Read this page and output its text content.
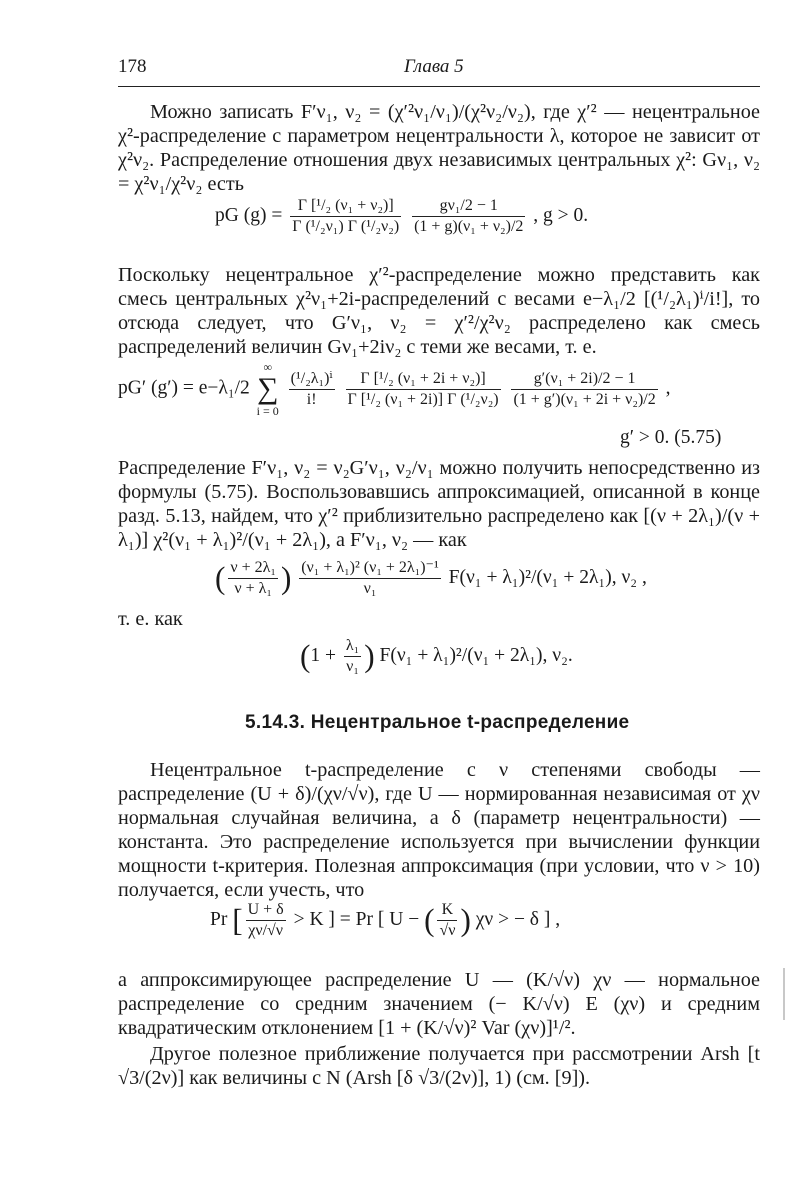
178	Глава 5

Можно записать F′ν₁, ν₂ = (χ′²ν₁/ν₁)/(χ²ν₂/ν₂), где χ′² — нецентральное χ²-распределение с параметром нецентральности λ, которое не зависит от χ²ν₂. Распределение отношения двух независимых центральных χ²: Gν₁, ν₂ = χ²ν₁/χ²ν₂ есть

pG $(g) = \frac{\text{Γ [¹/₂ (ν₁ + ν₂)]}}{\text{Γ (¹/₂ν₁) Γ (¹/₂ν₂)}}$
$\frac{\text{gν₁/2 − 1}}{\text{(1 + g)(ν₁ + ν₂)/2}}$ , g > 0.

Поскольку нецентральное χ′²-распределение можно представить как смесь центральных χ²ν₁+2i-распределений с весами e−λ₁/2 [(¹/₂λ₁)ⁱ/i!], то отсюда следует, что G′ν₁, ν₂ = χ′²/χ²ν₂ распределено как смесь распределений величин Gν₁+2iν₂ с теми же весами, т. е.

pG′ (g′) = e−λ₁/2
∞
∑
i = 0

$\frac{\text{(¹/₂λ₁)ⁱ}}{i!}$
$\frac{\text{Γ [¹/₂ (ν₁ + 2i + ν₂)]}}{\text{Γ [¹/₂ (ν₁ + 2i)] Γ (¹/₂ν₂)}}$
$\frac{\text{g′(ν₁ + 2i)/2 − 1}}{\text{(1 + g′)(ν₁ + 2i + ν₂)/2}}$ ,
g′ > 0. (5.75)

Распределение F′ν₁, ν₂ = ν₂G′ν₁, ν₂/ν₁ можно получить непосредственно из формулы (5.75). Воспользовавшись аппроксимацией, описанной в конце разд. 5.13, найдем, что χ′² приблизительно распределено как [(ν + 2λ₁)/(ν + λ₁)] χ²(ν₁ + λ₁)²/(ν₁ + 2λ₁), а F′ν₁, ν₂ — как

( $\frac{\text{ν + 2λ₁}}{\text{ν + λ₁}}$ ) $\frac{\text{(ν₁ + λ₁)² (ν₁ + 2λ₁)⁻¹}}{\text{ν₁}} F(\nu_1 + \lambda_1)^2/(\nu_1 + 2\lambda_1)$, ν₂ ,

т. е. как

($1 + \frac{\text{λ₁}}{\text{ν₁}}$ ) F(ν₁ + λ₁)²/(ν₁ + 2λ₁), ν₂.
5.14.3. Нецентральное t-распределение

Нецентральное t-распределение с ν степенями свободы — распределение (U + δ)/(χν/√ν), где U — нормированная независимая от χν нормальная случайная величина, а δ (параметр нецентральности) — константа. Это распределение используется при вычислении функции мощности t-критерия. Полезная аппроксимация (при условии, что ν > 10) получается, если учесть, что

Pr [ $\frac{U + \delta}{\chi\nu/√\nu} > K$ ] = Pr [ U − ( $\frac{K}{√\nu}$ ) χν > − δ ] ,

а аппроксимирующее распределение U — (K/√ν) χν — нормальное распределение со средним значением (− K/√ν) E (χν) и средним квадратическим отклонением [1 + (K/√ν)² Var (χν)]¹/².

Другое полезное приближение получается при рассмотрении Arsh [t √3/(2ν)] как величины с N (Arsh [δ √3/(2ν)], 1) (см. [9]).
